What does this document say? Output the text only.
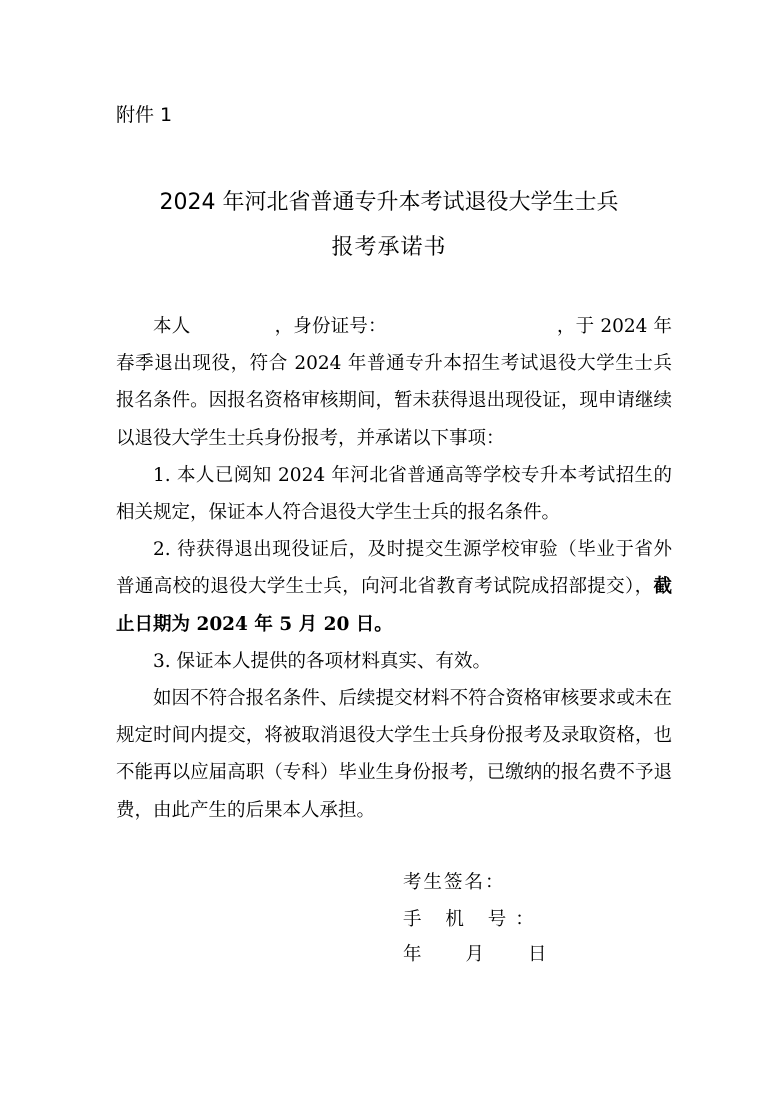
附件 1
2024 年河北省普通专升本考试退役大学生士兵
报考承诺书

本人	，身份证号：	，于 2024 年春季退出现役，符合 2024 年普通专升本招生考试退役大学生士兵报名条件。因报名资格审核期间，暂未获得退出现役证，现申请继续以退役大学生士兵身份报考，并承诺以下事项：

1. 本人已阅知 2024 年河北省普通高等学校专升本考试招生的相关规定，保证本人符合退役大学生士兵的报名条件。

2. 待获得退出现役证后，及时提交生源学校审验（毕业于省外普通高校的退役大学生士兵，向河北省教育考试院成招部提交），截止日期为 2024 年 5 月 20 日。

3. 保证本人提供的各项材料真实、有效。

如因不符合报名条件、后续提交材料不符合资格审核要求或未在规定时间内提交，将被取消退役大学生士兵身份报考及录取资格，也不能再以应届高职（专科）毕业生身份报考，已缴纳的报名费不予退费，由此产生的后果本人承担。

考生签名：
手 机 号：
年 月 日
